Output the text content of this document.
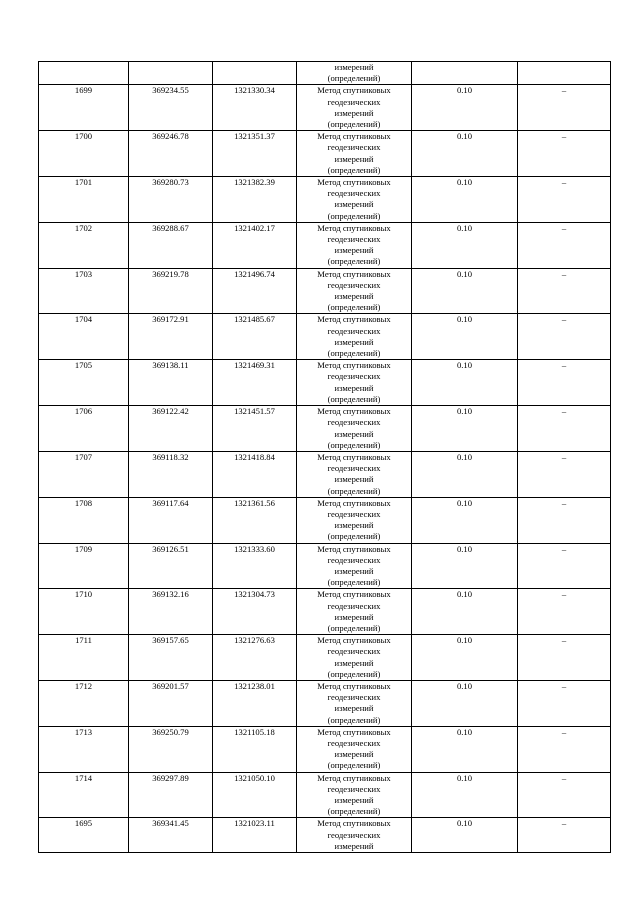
			измерений
(определений)		

1699	369234.55	1321330.34	Метод спутниковых
геодезических
измерений
(определений)	0.10	–
1700	369246.78	1321351.37	Метод спутниковых
геодезических
измерений
(определений)	0.10	–
1701	369280.73	1321382.39	Метод спутниковых
геодезических
измерений
(определений)	0.10	–
1702	369288.67	1321402.17	Метод спутниковых
геодезических
измерений
(определений)	0.10	–
1703	369219.78	1321496.74	Метод спутниковых
геодезических
измерений
(определений)	0.10	–
1704	369172.91	1321485.67	Метод спутниковых
геодезических
измерений
(определений)	0.10	–
1705	369138.11	1321469.31	Метод спутниковых
геодезических
измерений
(определений)	0.10	–
1706	369122.42	1321451.57	Метод спутниковых
геодезических
измерений
(определений)	0.10	–
1707	369118.32	1321418.84	Метод спутниковых
геодезических
измерений
(определений)	0.10	–
1708	369117.64	1321361.56	Метод спутниковых
геодезических
измерений
(определений)	0.10	–
1709	369126.51	1321333.60	Метод спутниковых
геодезических
измерений
(определений)	0.10	–
1710	369132.16	1321304.73	Метод спутниковых
геодезических
измерений
(определений)	0.10	–
1711	369157.65	1321276.63	Метод спутниковых
геодезических
измерений
(определений)	0.10	–
1712	369201.57	1321238.01	Метод спутниковых
геодезических
измерений
(определений)	0.10	–
1713	369250.79	1321105.18	Метод спутниковых
геодезических
измерений
(определений)	0.10	–
1714	369297.89	1321050.10	Метод спутниковых
геодезических
измерений
(определений)	0.10	–
1695	369341.45	1321023.11	Метод спутниковых
геодезических
измерений	0.10	–
